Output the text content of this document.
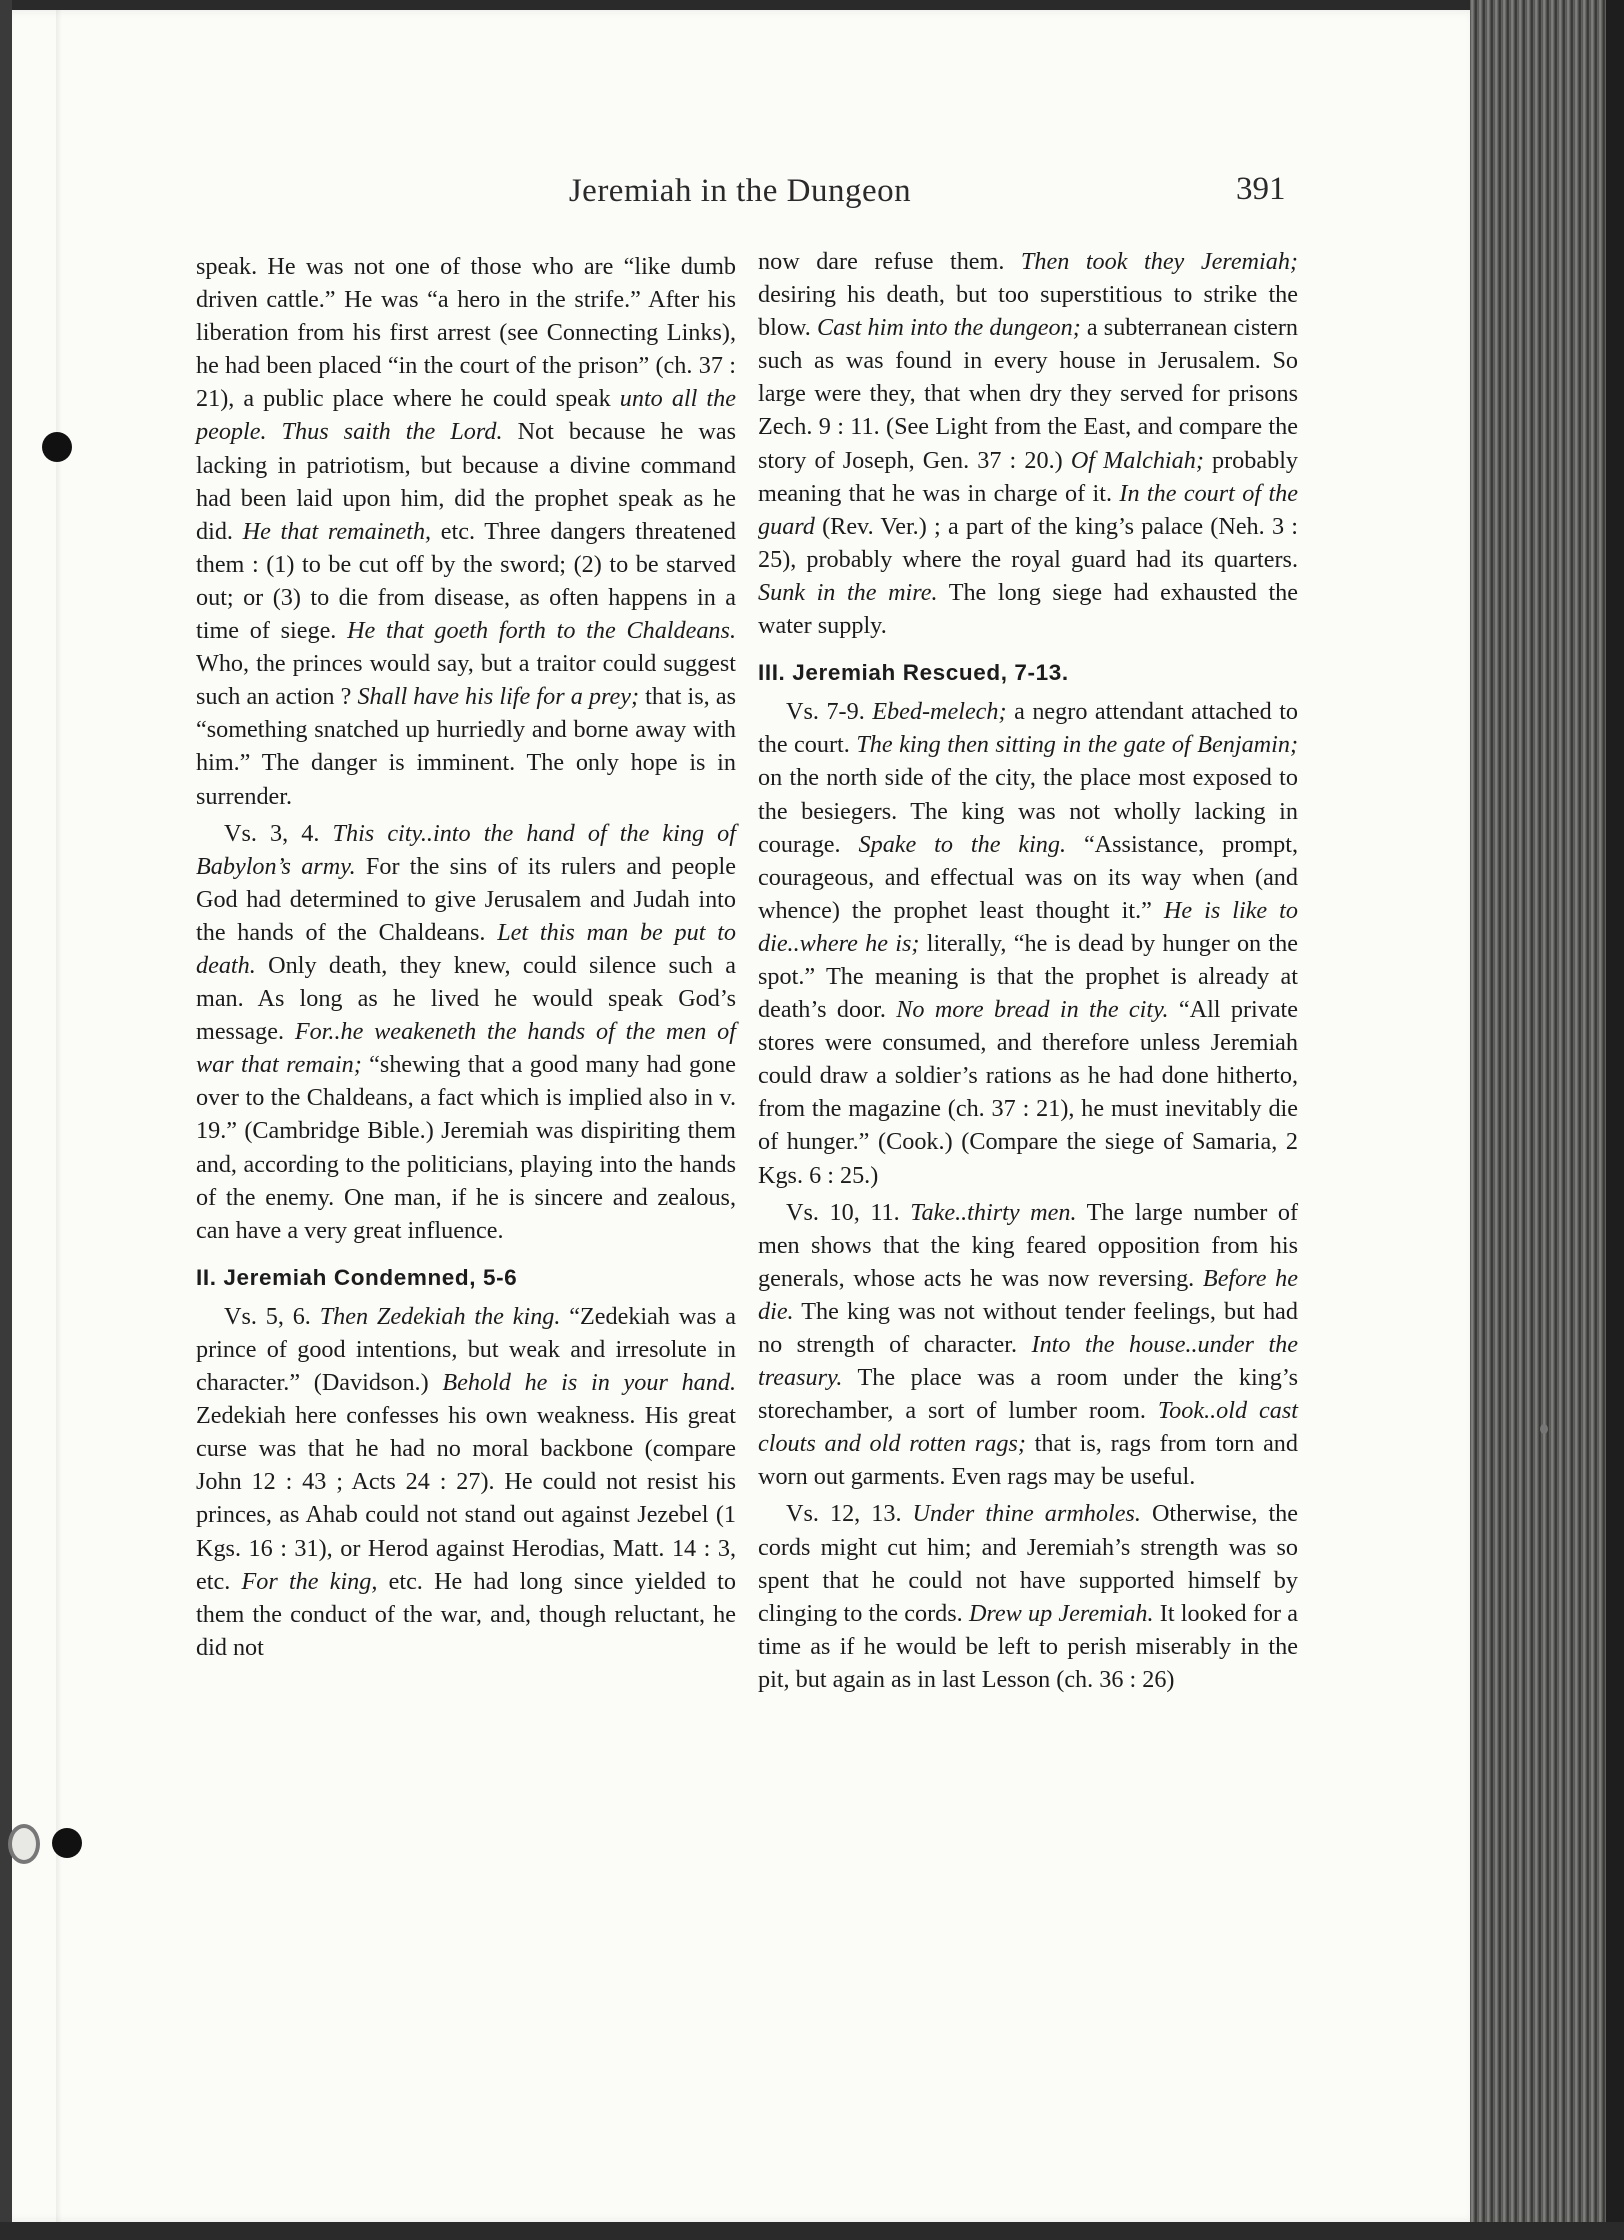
Jeremiah in the Dungeon	391

speak. He was not one of those who are “like dumb driven cattle.” He was “a hero in the strife.” After his liberation from his first arrest (see Connecting Links), he had been placed “in the court of the prison” (ch. 37 : 21), a public place where he could speak unto all the people. Thus saith the Lord. Not because he was lacking in patriotism, but because a divine command had been laid upon him, did the prophet speak as he did. He that remaineth, etc. Three dangers threatened them : (1) to be cut off by the sword; (2) to be starved out; or (3) to die from disease, as often happens in a time of siege. He that goeth forth to the Chaldeans. Who, the princes would say, but a traitor could suggest such an action ? Shall have his life for a prey; that is, as “something snatched up hurriedly and borne away with him.” The danger is imminent. The only hope is in surrender.

Vs. 3, 4. This city..into the hand of the king of Babylon’s army. For the sins of its rulers and people God had determined to give Jerusalem and Judah into the hands of the Chaldeans. Let this man be put to death. Only death, they knew, could silence such a man. As long as he lived he would speak God’s message. For..he weakeneth the hands of the men of war that remain; “shewing that a good many had gone over to the Chaldeans, a fact which is implied also in v. 19.” (Cambridge Bible.) Jeremiah was dispiriting them and, according to the politicians, playing into the hands of the enemy. One man, if he is sincere and zealous, can have a very great influence.

II. Jeremiah Condemned, 5-6

Vs. 5, 6. Then Zedekiah the king. “Zedekiah was a prince of good intentions, but weak and irresolute in character.” (Davidson.) Behold he is in your hand. Zedekiah here confesses his own weakness. His great curse was that he had no moral backbone (compare John 12 : 43 ; Acts 24 : 27). He could not resist his princes, as Ahab could not stand out against Jezebel (1 Kgs. 16 : 31), or Herod against Herodias, Matt. 14 : 3, etc. For the king, etc. He had long since yielded to them the conduct of the war, and, though reluctant, he did not

now dare refuse them. Then took they Jeremiah; desiring his death, but too superstitious to strike the blow. Cast him into the dungeon; a subterranean cistern such as was found in every house in Jerusalem. So large were they, that when dry they served for prisons Zech. 9 : 11. (See Light from the East, and compare the story of Joseph, Gen. 37 : 20.) Of Malchiah; probably meaning that he was in charge of it. In the court of the guard (Rev. Ver.) ; a part of the king’s palace (Neh. 3 : 25), probably where the royal guard had its quarters. Sunk in the mire. The long siege had exhausted the water supply.

III. Jeremiah Rescued, 7-13.

Vs. 7-9. Ebed-melech; a negro attendant attached to the court. The king then sitting in the gate of Benjamin; on the north side of the city, the place most exposed to the besiegers. The king was not wholly lacking in courage. Spake to the king. “Assistance, prompt, courageous, and effectual was on its way when (and whence) the prophet least thought it.” He is like to die..where he is; literally, “he is dead by hunger on the spot.” The meaning is that the prophet is already at death’s door. No more bread in the city. “All private stores were consumed, and therefore unless Jeremiah could draw a soldier’s rations as he had done hitherto, from the magazine (ch. 37 : 21), he must inevitably die of hunger.” (Cook.) (Compare the siege of Samaria, 2 Kgs. 6 : 25.)

Vs. 10, 11. Take..thirty men. The large number of men shows that the king feared opposition from his generals, whose acts he was now reversing. Before he die. The king was not without tender feelings, but had no strength of character. Into the house..under the treasury. The place was a room under the king’s storechamber, a sort of lumber room. Took..old cast clouts and old rotten rags; that is, rags from torn and worn out garments. Even rags may be useful.

Vs. 12, 13. Under thine armholes. Otherwise, the cords might cut him; and Jeremiah’s strength was so spent that he could not have supported himself by clinging to the cords. Drew up Jeremiah. It looked for a time as if he would be left to perish miserably in the pit, but again as in last Lesson (ch. 36 : 26)
